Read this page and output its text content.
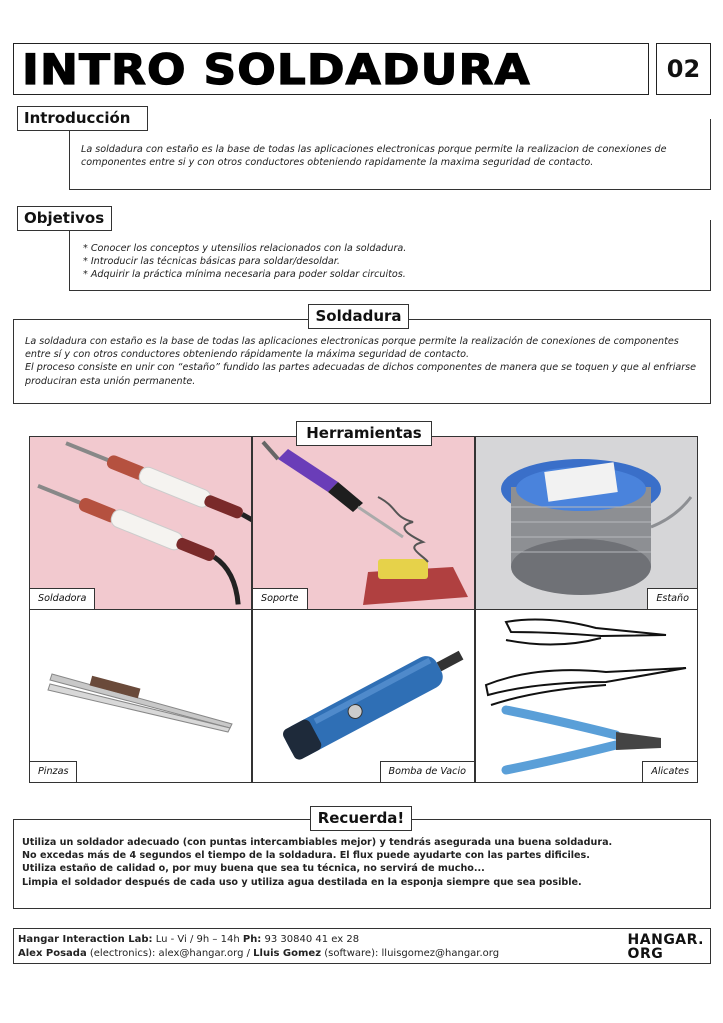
INTRO SOLDADURA	02
La soldadura con estaño es la base de todas las aplicaciones electronicas porque permite la realizacion de conexiones de componentes entre si y con otros conductores obteniendo rapidamente la maxima seguridad de contacto.
Introducción
* Conocer los conceptos y utensilios relacionados con la soldadura.
* Introducir las técnicas básicas para soldar/desoldar.
* Adquirir la práctica mínima necesaria para poder soldar circuitos.
Objetivos
La soldadura con estaño es la base de todas las aplicaciones electronicas porque permite la realización de conexiones de componentes entre sí y con otros conductores obteniendo rápidamente la máxima seguridad de contacto.
El proceso consiste en unir con “estaño” fundido las partes adecuadas de dichos componentes de manera que se toquen y que al enfriarse produciran esta unión permanente.
Soldadura
Soldadora	Soporte	Estaño
Pinzas	Bomba de Vacio	Alicates
Herramientas
Utiliza un soldador adecuado (con puntas intercambiables mejor) y tendrás asegurada una buena soldadura.
No excedas más de 4 segundos el tiempo de la soldadura. El flux puede ayudarte con las partes dificiles.
Utiliza estaño de calidad o, por muy buena que sea tu técnica, no servirá de mucho...
Limpia el soldador después de cada uso y utiliza agua destilada en la esponja siempre que sea posible.
Recuerda!
Hangar Interaction Lab: Lu - Vi / 9h – 14h Ph: 93 30840 41 ex 28
Alex Posada (electronics): alex@hangar.org / Lluis Gomez (software): lluisgomez@hangar.org
HANGAR.
ORG
